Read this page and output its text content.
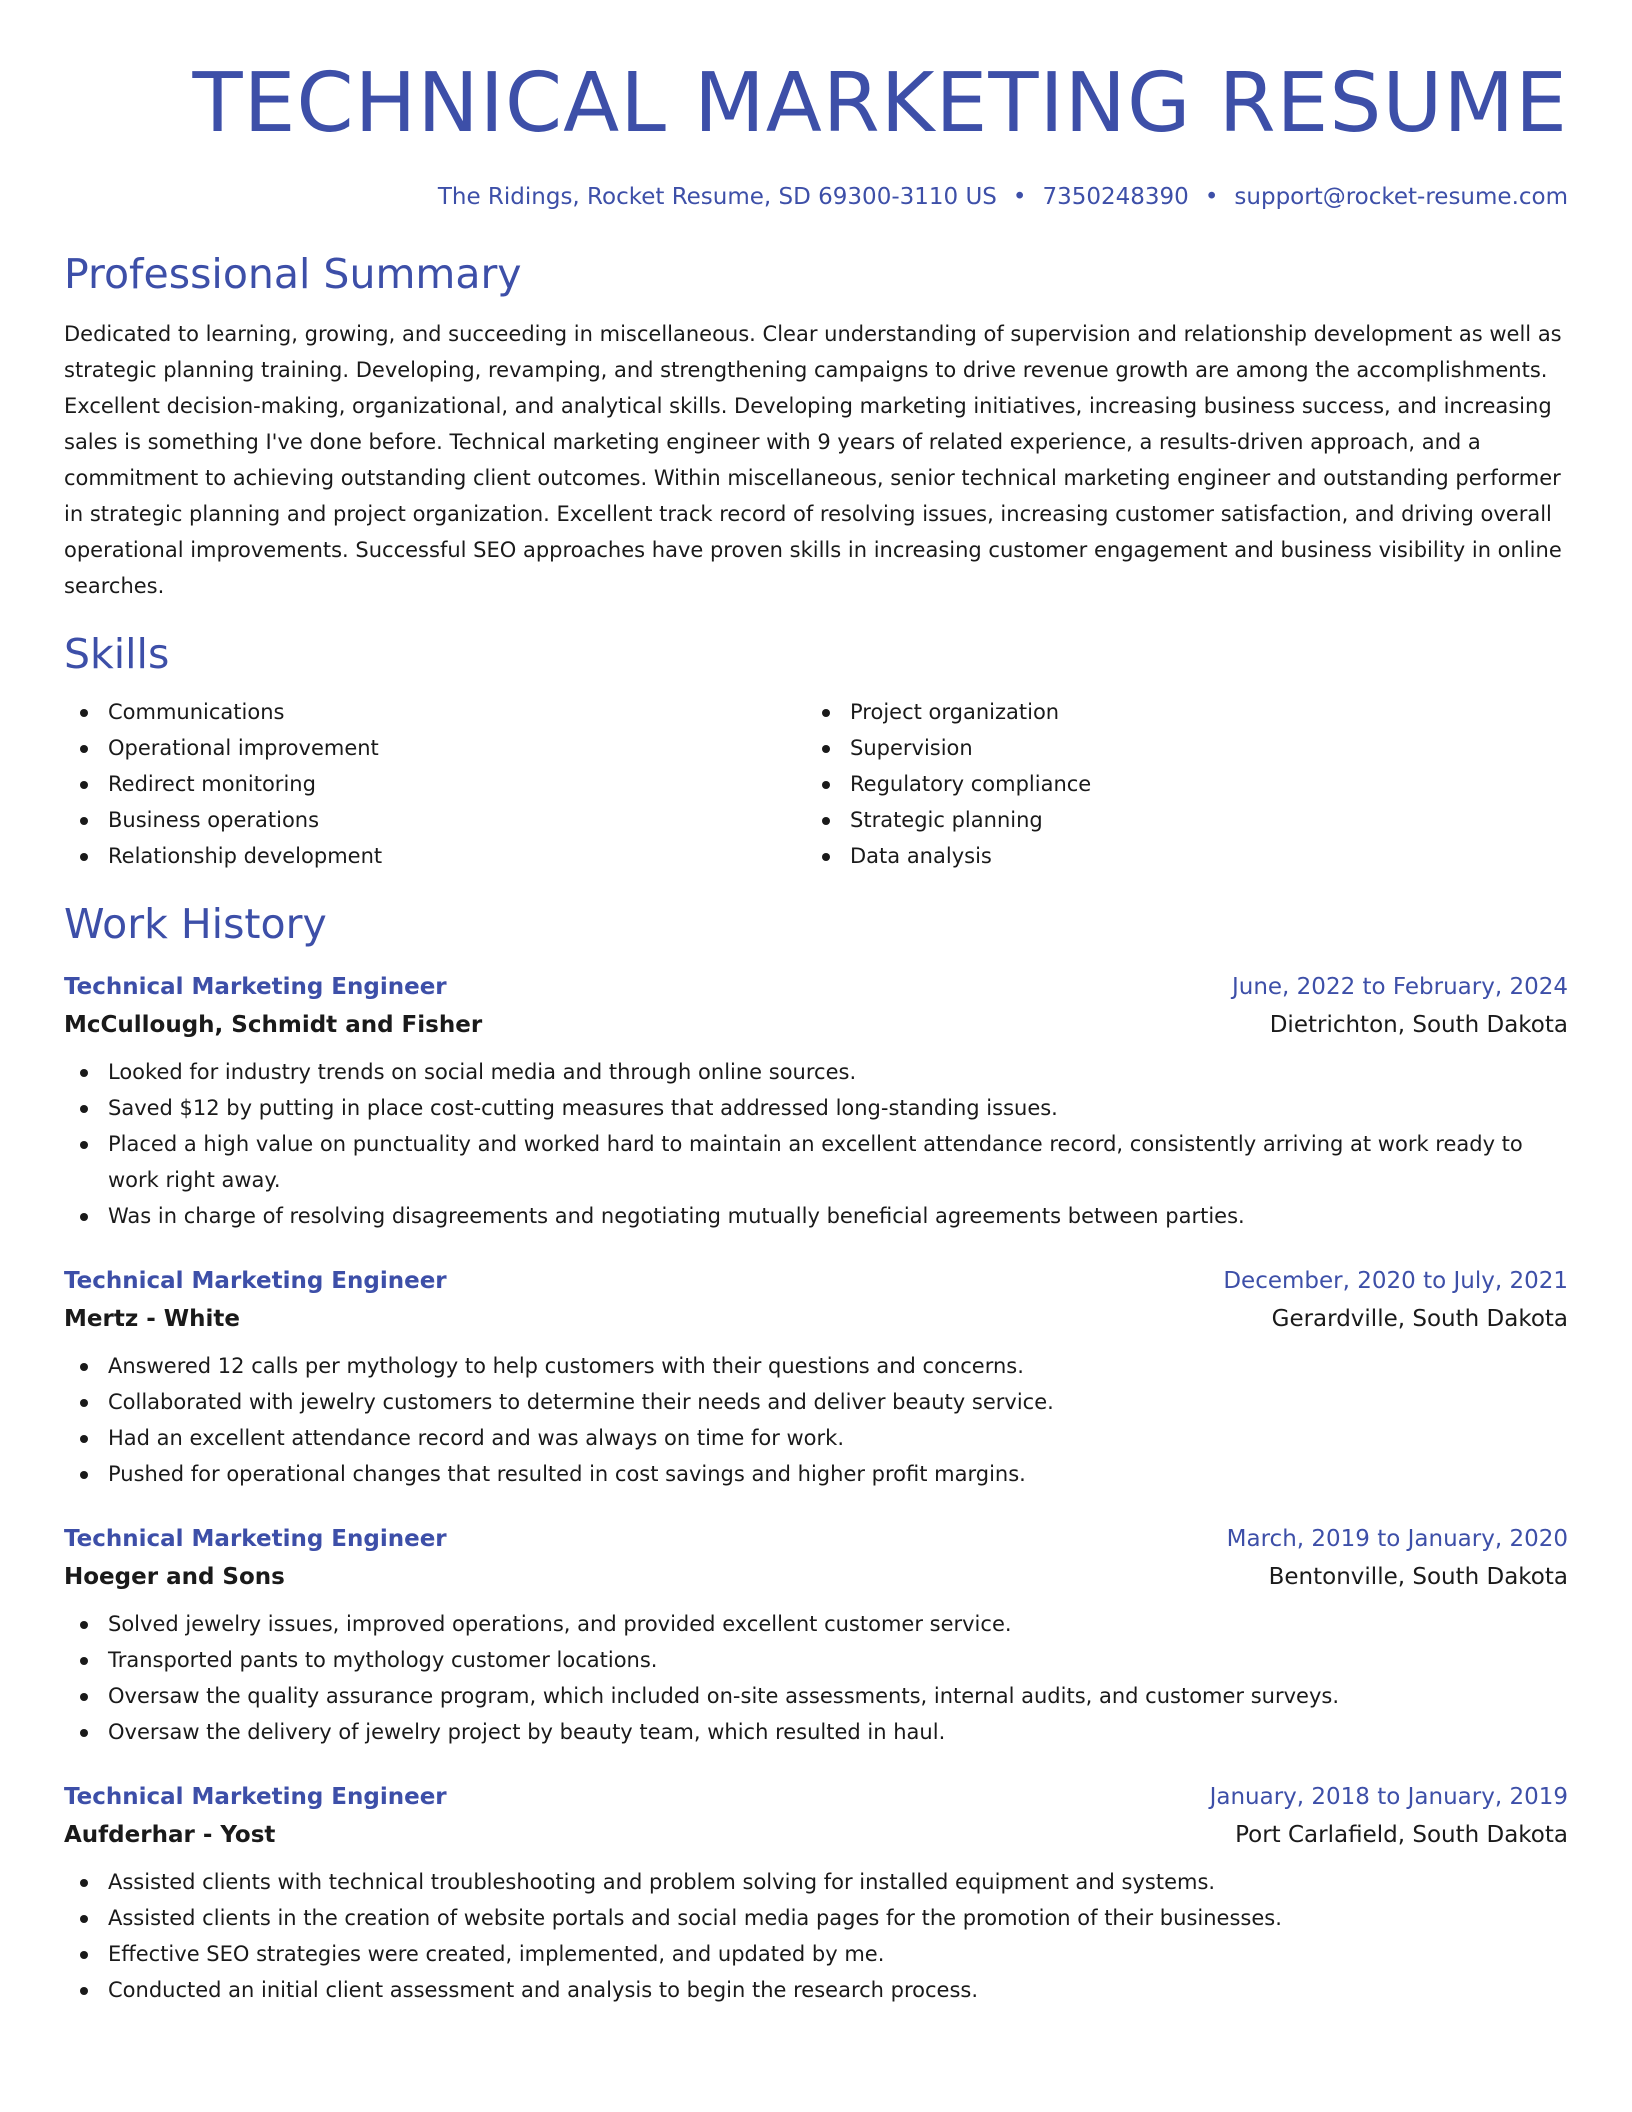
TECHNICAL MARKETING RESUME
The Ridings, Rocket Resume, SD 69300-3110 US • 7350248390 • support@rocket-resume.com
Professional Summary

Dedicated to learning, growing, and succeeding in miscellaneous. Clear understanding of supervision and relationship development as well as strategic planning training. Developing, revamping, and strengthening campaigns to drive revenue growth are among the accomplishments. Excellent decision-making, organizational, and analytical skills. Developing marketing initiatives, increasing business success, and increasing sales is something I've done before. Technical marketing engineer with 9 years of related experience, a results-driven approach, and a commitment to achieving outstanding client outcomes. Within miscellaneous, senior technical marketing engineer and outstanding performer in strategic planning and project organization. Excellent track record of resolving issues, increasing customer satisfaction, and driving overall operational improvements. Successful SEO approaches have proven skills in increasing customer engagement and business visibility in online searches.

Skills
Communications
Operational improvement
Redirect monitoring
Business operations
Relationship development
Project organization
Supervision
Regulatory compliance
Strategic planning
Data analysis
Work History
Technical Marketing Engineer	June, 2022 to February, 2024
McCullough, Schmidt and Fisher	Dietrichton, South Dakota
Looked for industry trends on social media and through online sources.
Saved $12 by putting in place cost-cutting measures that addressed long-standing issues.
Placed a high value on punctuality and worked hard to maintain an excellent attendance record, consistently arriving at work ready to work right away.
Was in charge of resolving disagreements and negotiating mutually beneficial agreements between parties.
Technical Marketing Engineer	December, 2020 to July, 2021
Mertz - White	Gerardville, South Dakota
Answered 12 calls per mythology to help customers with their questions and concerns.
Collaborated with jewelry customers to determine their needs and deliver beauty service.
Had an excellent attendance record and was always on time for work.
Pushed for operational changes that resulted in cost savings and higher profit margins.
Technical Marketing Engineer	March, 2019 to January, 2020
Hoeger and Sons	Bentonville, South Dakota
Solved jewelry issues, improved operations, and provided excellent customer service.
Transported pants to mythology customer locations.
Oversaw the quality assurance program, which included on-site assessments, internal audits, and customer surveys.
Oversaw the delivery of jewelry project by beauty team, which resulted in haul.
Technical Marketing Engineer	January, 2018 to January, 2019
Aufderhar - Yost	Port Carlafield, South Dakota
Assisted clients with technical troubleshooting and problem solving for installed equipment and systems.
Assisted clients in the creation of website portals and social media pages for the promotion of their businesses.
Effective SEO strategies were created, implemented, and updated by me.
Conducted an initial client assessment and analysis to begin the research process.
